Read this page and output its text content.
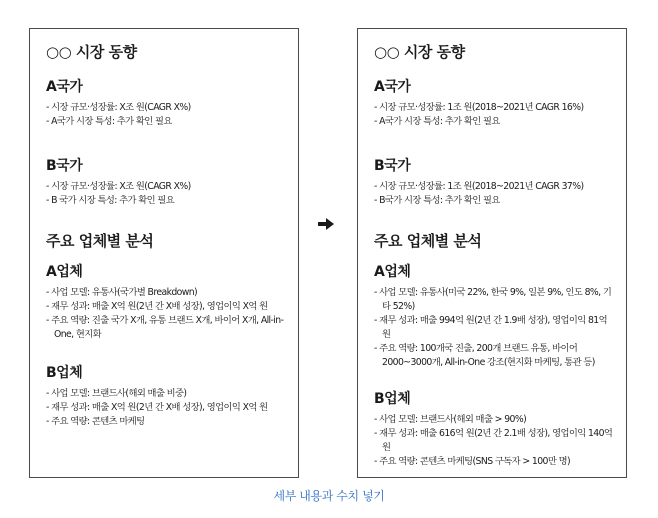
○○ 시장 동향
A국가
- 시장 규모·성장률: X조 원(CAGR X%)
- A국가 시장 특성: 추가 확인 필요
B국가
- 시장 규모·성장률: X조 원(CAGR X%)
- B 국가 시장 특성: 추가 확인 필요
주요 업체별 분석
A업체
- 사업 모델: 유통사(국가별 Breakdown)
- 재무 성과: 매출 X억 원(2년 간 X배 성장), 영업이익 X억 원
- 주요 역량: 진출 국가 X개, 유통 브랜드 X개, 바이어 X개, All-in-One, 현지화
B업체
- 사업 모델: 브랜드사(해외 매출 비중)
- 재무 성과: 매출 X억 원(2년 간 X배 성장), 영업이익 X억 원
- 주요 역량: 콘텐츠 마케팅
○○ 시장 동향
A국가
- 시장 규모·성장률: 1조 원(2018~2021년 CAGR 16%)
- A국가 시장 특성: 추가 확인 필요
B국가
- 시장 규모·성장률: 1조 원(2018~2021년 CAGR 37%)
- B국가 시장 특성: 추가 확인 필요
주요 업체별 분석
A업체
- 사업 모델: 유통사(미국 22%, 한국 9%, 일본 9%, 인도 8%, 기타 52%)
- 재무 성과: 매출 994억 원(2년 간 1.9배 성장), 영업이익 81억 원
- 주요 역량: 100개국 진출, 200개 브랜드 유통, 바이어 2000~3000개, All-in-One 강조(현지화 마케팅, 통관 등)
B업체
- 사업 모델: 브랜드사(해외 매출 > 90%)
- 재무 성과: 매출 616억 원(2년 간 2.1배 성장), 영업이익 140억 원
- 주요 역량: 콘텐츠 마케팅(SNS 구독자 > 100만 명)
세부 내용과 수치 넣기
